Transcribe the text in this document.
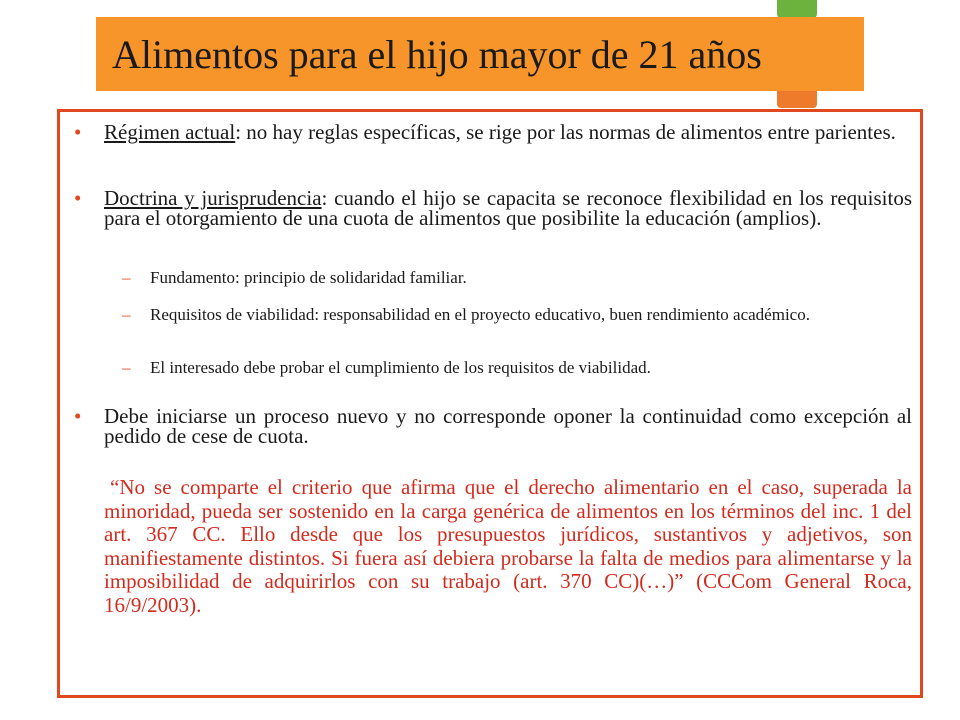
Alimentos para el hijo mayor de 21 años

• Régimen actual: no hay reglas específicas, se rige por las normas de alimentos entre parientes.

• Doctrina y jurisprudencia: cuando el hijo se capacita se reconoce flexibilidad en los requisitos para el otorgamiento de una cuota de alimentos que posibilite la educación (amplios).

– Fundamento: principio de solidaridad familiar.

– Requisitos de viabilidad: responsabilidad en el proyecto educativo, buen rendimiento académico.

– El interesado debe probar el cumplimiento de los requisitos de viabilidad.

• Debe iniciarse un proceso nuevo y no corresponde oponer la continuidad como excepción al pedido de cese de cuota.

“No se comparte el criterio que afirma que el derecho alimentario en el caso, superada la minoridad, pueda ser sostenido en la carga genérica de alimentos en los términos del inc. 1 del art. 367 CC. Ello desde que los presupuestos jurídicos, sustantivos y adjetivos, son manifiestamente distintos. Si fuera así debiera probarse la falta de medios para alimentarse y la imposibilidad de adquirirlos con su trabajo (art. 370 CC)(…)” (CCCom General Roca, 16/9/2003).
